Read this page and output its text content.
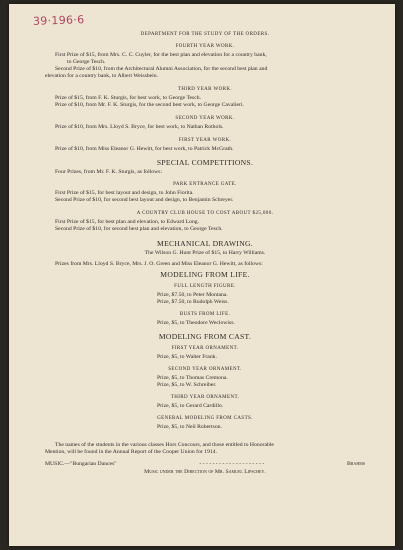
39·196·6

DEPARTMENT FOR THE STUDY OF THE ORDERS.

FOURTH YEAR WORK.

First Prize of $15, from Mrs. C. C. Cuyler, for the best plan and elevation for a country bank,

to George Tesch.

Second Prize of $10, from the Architectural Alumni Association, for the second best plan and

elevation for a country bank, to Albert Weissbein.

THIRD YEAR WORK.

Prize of $15, from F. K. Sturgis, for best work, to George Tesch.

Prize of $10, from Mr. F. K. Sturgis, for the second best work, to George Cavalieri.

SECOND YEAR WORK.

Prize of $10, from Mrs. Lloyd S. Bryce, for best work, to Nathan Rothols.

FIRST YEAR WORK.

Prize of $10, from Miss Eleanor G. Hewitt, for best work, to Patrick McGrath.

SPECIAL COMPETITIONS.

Four Prizes, from Mr. F. K. Sturgis, as follows:

PARK ENTRANCE GATE.

First Prize of $15, for best layout and design, to John Fiorita.

Second Prize of $10, for second best layout and design, to Benjamin Schreyer.

A COUNTRY CLUB HOUSE TO COST ABOUT $25,000.

First Prize of $15, for best plan and elevation, to Edward Long.

Second Prize of $10, for second best plan and elevation, to George Tesch.

MECHANICAL DRAWING.

The Wilson G. Hunt Prize of $15, to Harry Williams.

Prizes from Mrs. Lloyd S. Bryce, Mrs. J. O. Green and Miss Eleanor G. Hewitt, as follows:

MODELING FROM LIFE.

FULL LENGTH FIGURE.

Prize, $7.50, to Peter Montana.

Prize, $7.50, to Rudolph Weiss.

BUSTS FROM LIFE.

Prize, $5, to Theodore Weclowiss.

MODELING FROM CAST.

FIRST YEAR ORNAMENT.

Prize, $5, to Walter Frank.

SECOND YEAR ORNAMENT.

Prize, $5, to Thomas Cremona.

Prize, $5, to W. Schreiber.

THIRD YEAR ORNAMENT.

Prize, $5, to Gerard Cardillo.

GENERAL MODELING FROM CASTS.

Prize, $5, to Neil Robertson.

The names of the students in the various classes Hors Concours, and those entitled to Honorable

Mention, will be found in the Annual Report of the Cooper Union for 1914.

MUSIC.—"Bungarian Dances"	- - - - - - - - - - - - - - - - - - - -	Brahms

Music under the Direction of Mr. Samuel Lipschey.
